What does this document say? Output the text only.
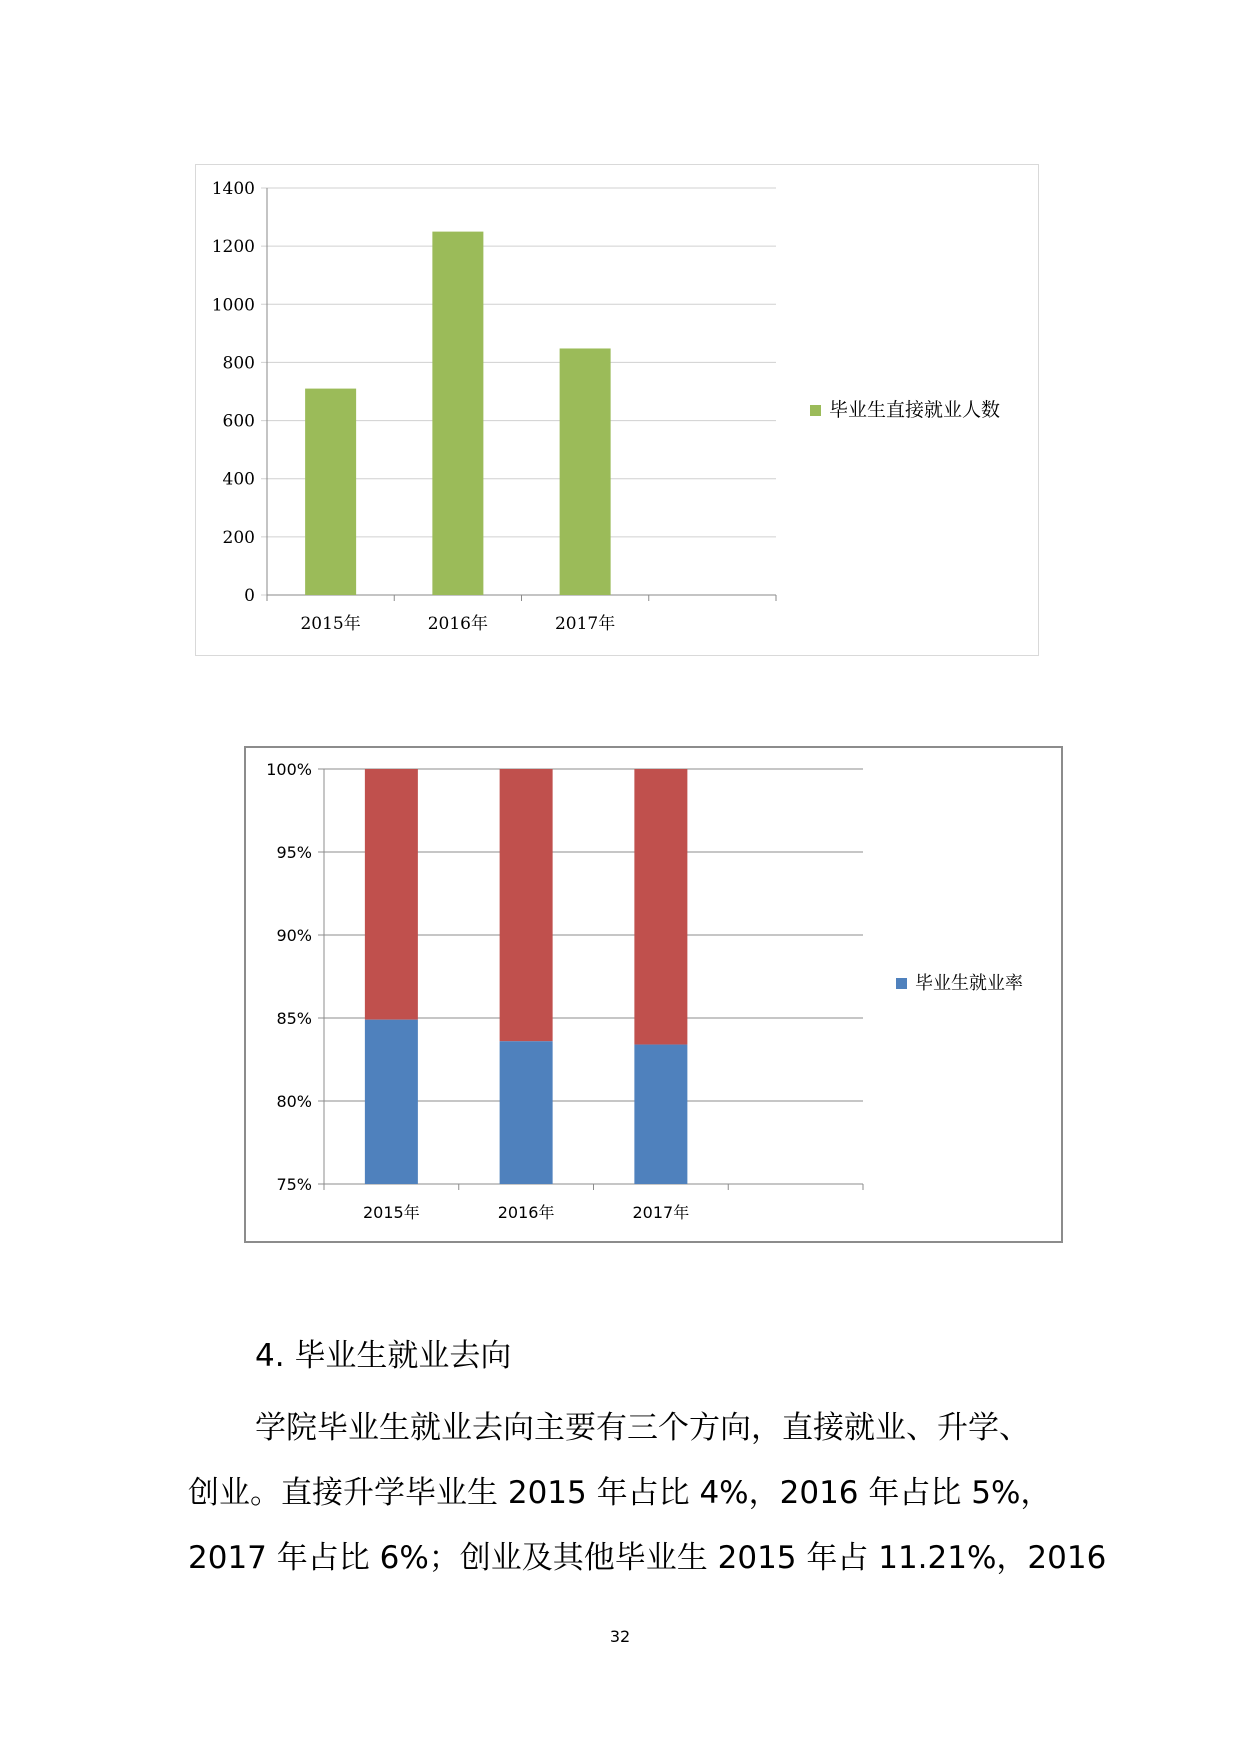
0
200
400
600
800
1000
1200
1400
2015年	2016年	2017年
毕业生直接就业人数
75%
80%
85%
90%
95%
100%
2015年	2016年	2017年
毕业生就业率
4. 毕业生就业去向

学院毕业生就业去向主要有三个方向，直接就业、升学、
创业。直接升学毕业生 2015 年占比 4%，2016 年占比 5%，
2017 年占比 6%；创业及其他毕业生 2015 年占 11.21%，2016

32
